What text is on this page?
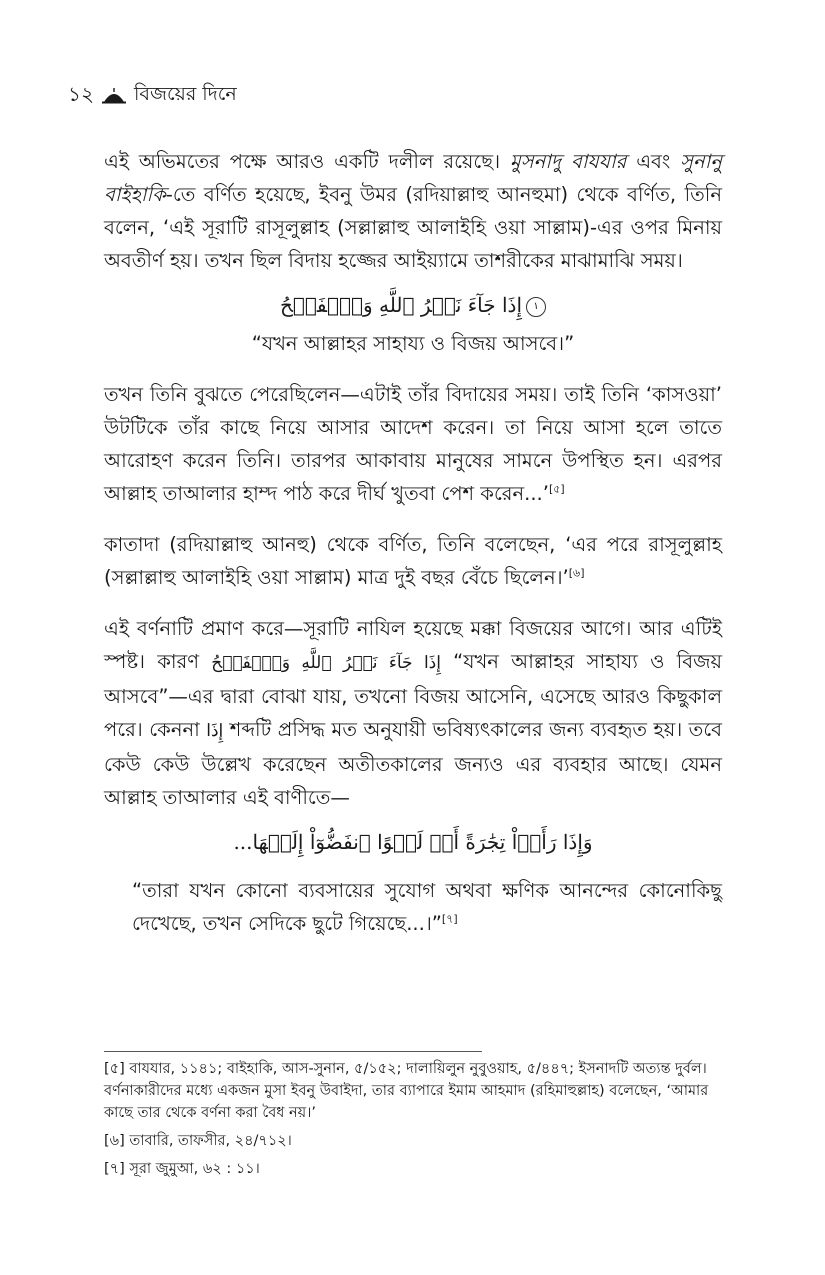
১২ বিজয়ের দিনে

এই অভিমতের পক্ষে আরও একটি দলীল রয়েছে। মুসনাদু বাযযার এবং সুনানু বাইহাকি-তে বর্ণিত হয়েছে, ইবনু উমর (রদিয়াল্লাহু আনহুমা) থেকে বর্ণিত, তিনি বলেন, ‘এই সূরাটি রাসূলুল্লাহ (সল্লাল্লাহু আলাইহি ওয়া সাল্লাম)-এর ওপর মিনায় অবতীর্ণ হয়। তখন ছিল বিদায় হজ্জের আইয়্যামে তাশরীকের মাঝামাঝি সময়।

إِذَا جَآءَ نَصۡرُ ٱللَّهِ وَٱلۡفَتۡحُ ١

“যখন আল্লাহর সাহায্য ও বিজয় আসবে।”

তখন তিনি বুঝতে পেরেছিলেন—এটাই তাঁর বিদায়ের সময়। তাই তিনি ‘কাসওয়া’ উটটিকে তাঁর কাছে নিয়ে আসার আদেশ করেন। তা নিয়ে আসা হলে তাতে আরোহণ করেন তিনি। তারপর আকাবায় মানুষের সামনে উপস্থিত হন। এরপর আল্লাহ তাআলার হাম্দ পাঠ করে দীর্ঘ খুতবা পেশ করেন...’[৫]

কাতাদা (রদিয়াল্লাহু আনহু) থেকে বর্ণিত, তিনি বলেছেন, ‘এর পরে রাসূলুল্লাহ (সল্লাল্লাহু আলাইহি ওয়া সাল্লাম) মাত্র দুই বছর বেঁচে ছিলেন।’[৬]

এই বর্ণনাটি প্রমাণ করে—সূরাটি নাযিল হয়েছে মক্কা বিজয়ের আগে। আর এটিই স্পষ্ট। কারণ إِذَا جَآءَ نَصۡرُ ٱللَّهِ وَٱلۡفَتۡحُ “যখন আল্লাহর সাহায্য ও বিজয় আসবে”—এর দ্বারা বোঝা যায়, তখনো বিজয় আসেনি, এসেছে আরও কিছুকাল পরে। কেননা إِذَا শব্দটি প্রসিদ্ধ মত অনুযায়ী ভবিষ্যৎকালের জন্য ব্যবহৃত হয়। তবে কেউ কেউ উল্লেখ করেছেন অতীতকালের জন্যও এর ব্যবহার আছে। যেমন আল্লাহ তাআলার এই বাণীতে—

وَإِذَا رَأَوۡاْ تِجَٰرَةً أَوۡ لَهۡوًا ٱنفَضُّوٓاْ إِلَيۡهَا...

“তারা যখন কোনো ব্যবসায়ের সুযোগ অথবা ক্ষণিক আনন্দের কোনোকিছু দেখেছে, তখন সেদিকে ছুটে গিয়েছে...।”[৭]

[৫] বাযযার, ১১৪১; বাইহাকি, আস-সুনান, ৫/১৫২; দালায়িলুন নুবুওয়াহ, ৫/৪৪৭; ইসনাদটি অত্যন্ত দুর্বল। বর্ণনাকারীদের মধ্যে একজন মুসা ইবনু উবাইদা, তার ব্যাপারে ইমাম আহমাদ (রহিমাহুল্লাহ) বলেছেন, ‘আমার কাছে তার থেকে বর্ণনা করা বৈধ নয়।’

[৬] তাবারি, তাফসীর, ২৪/৭১২।

[৭] সূরা জুমুআ, ৬২ : ১১।
